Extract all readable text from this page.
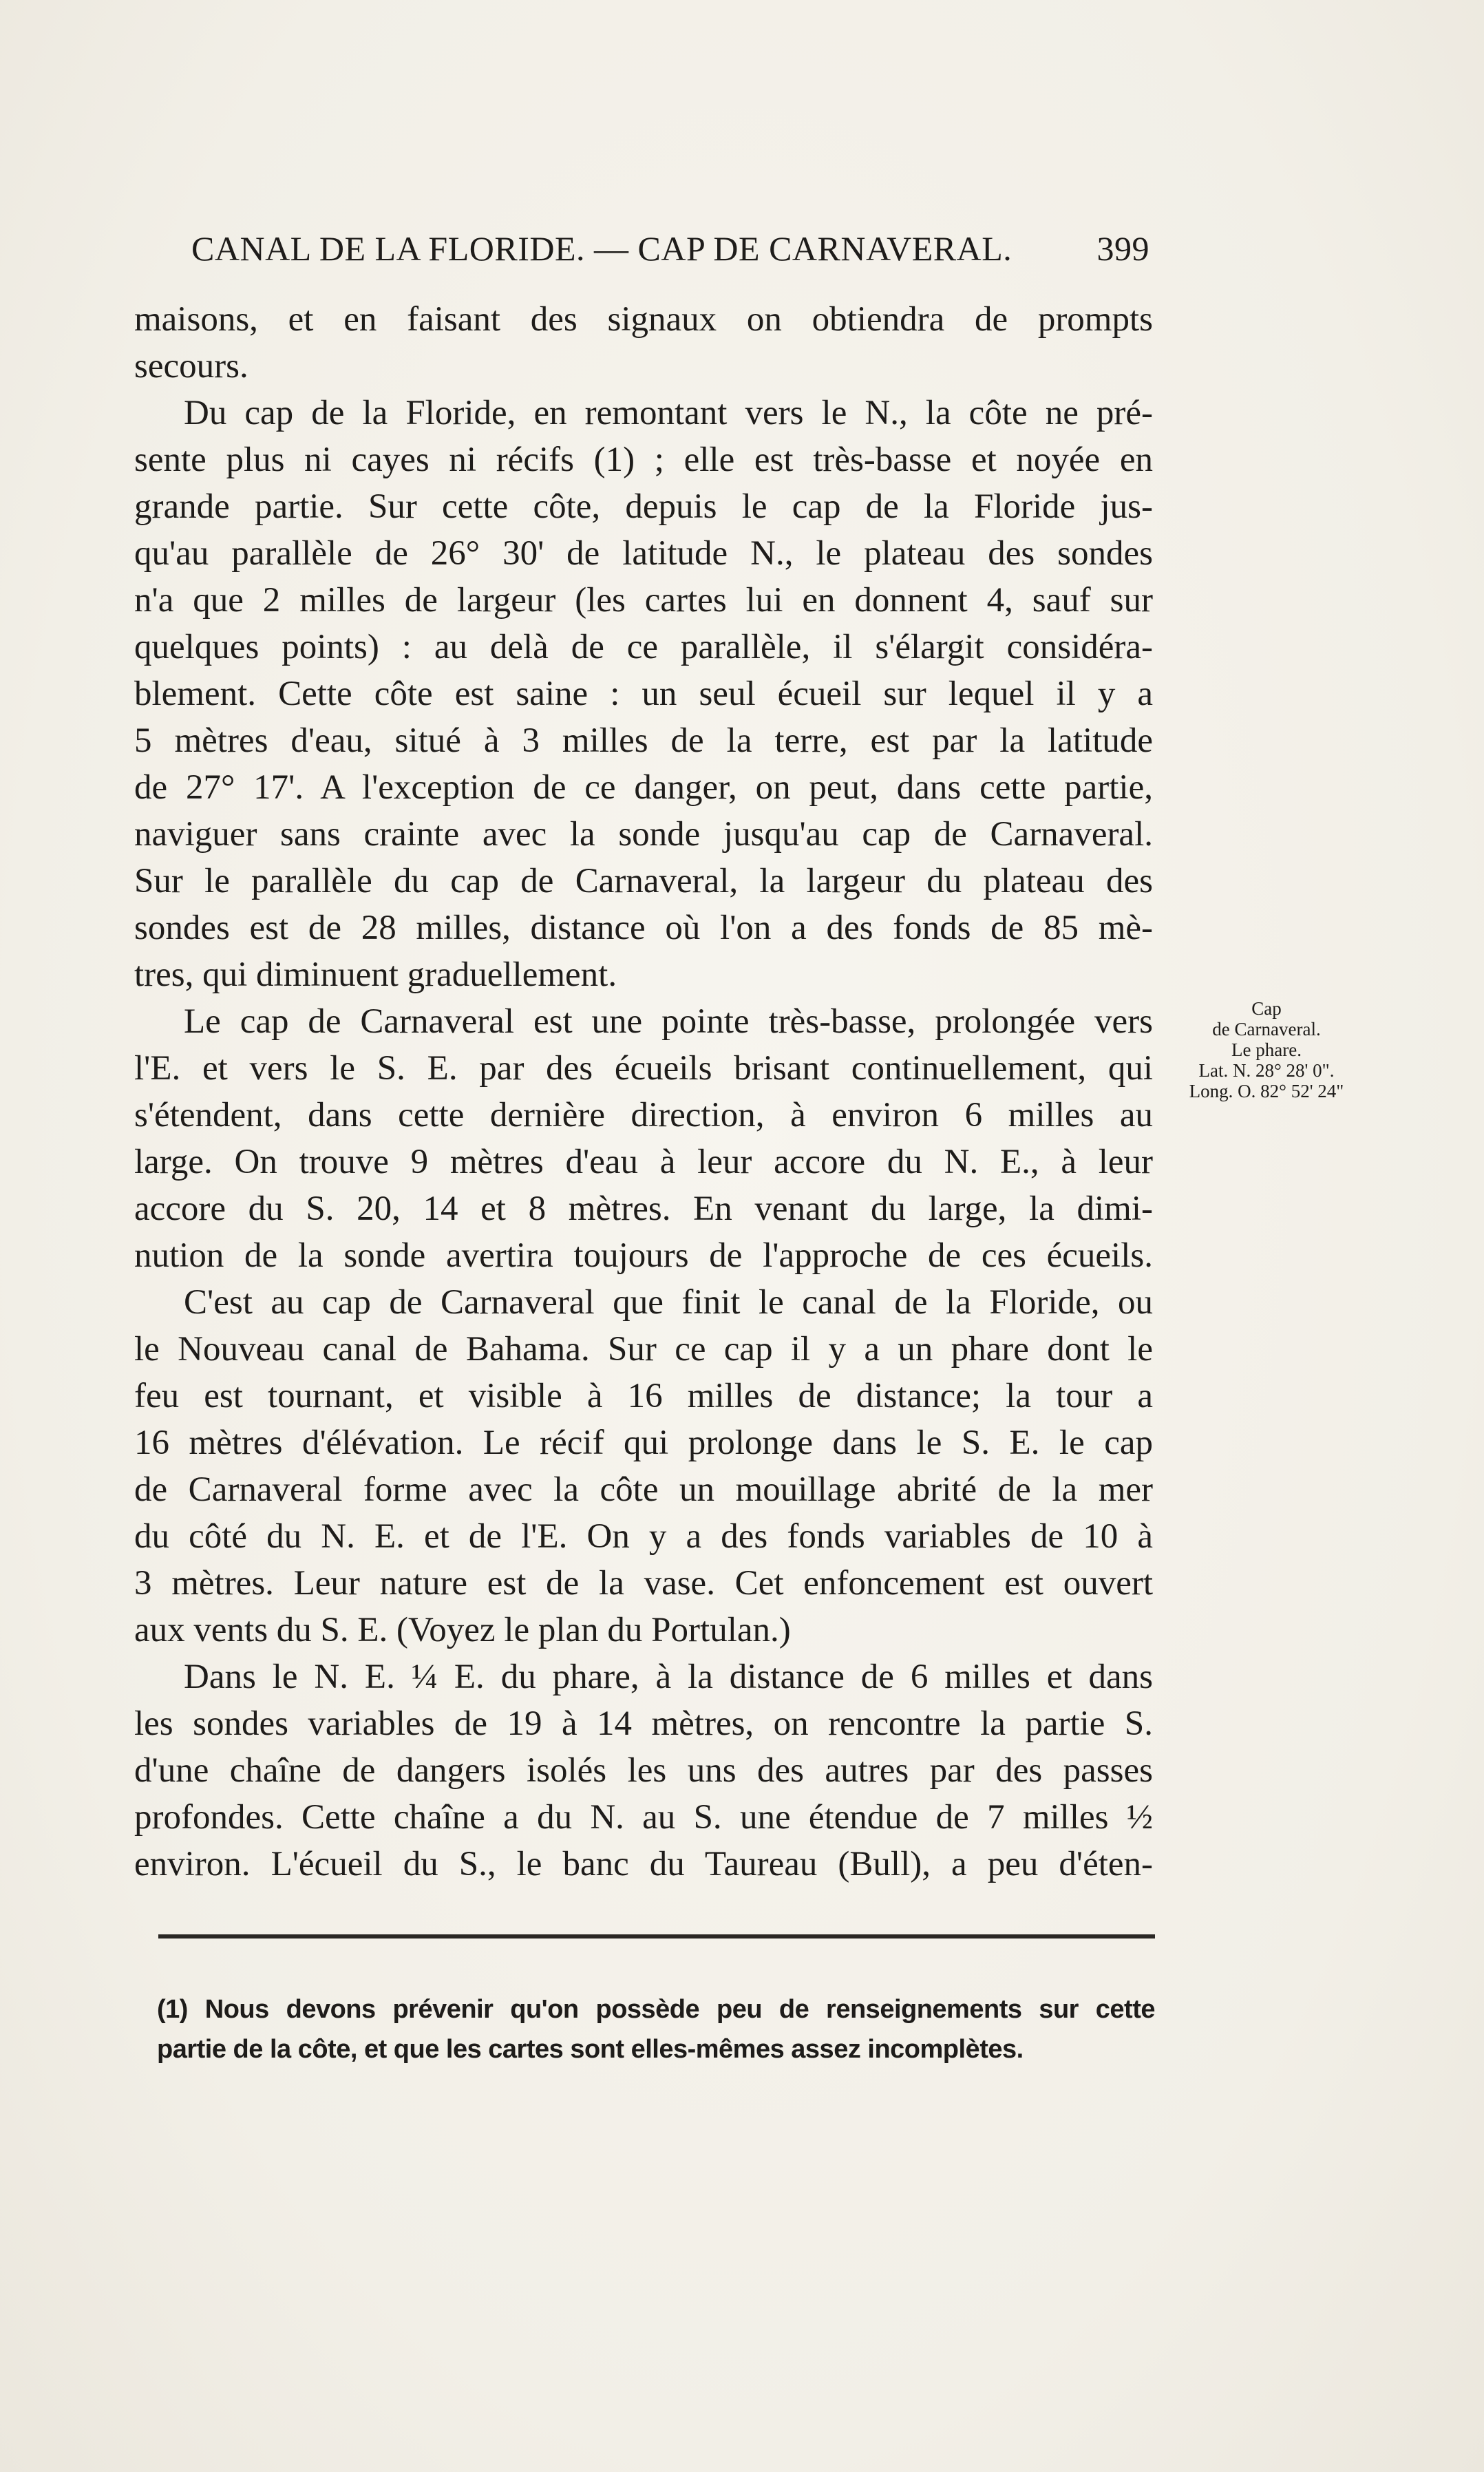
CANAL DE LA FLORIDE. — CAP DE CARNAVERAL. 399
maisons, et en faisant des signaux on obtiendra de prompts
secours.
Du cap de la Floride, en remontant vers le N., la côte ne pré-
sente plus ni cayes ni récifs (1) ; elle est très-basse et noyée en
grande partie. Sur cette côte, depuis le cap de la Floride jus-
qu'au parallèle de 26° 30' de latitude N., le plateau des sondes
n'a que 2 milles de largeur (les cartes lui en donnent 4, sauf sur
quelques points) : au delà de ce parallèle, il s'élargit considéra-
blement. Cette côte est saine : un seul écueil sur lequel il y a
5 mètres d'eau, situé à 3 milles de la terre, est par la latitude
de 27° 17'. A l'exception de ce danger, on peut, dans cette partie,
naviguer sans crainte avec la sonde jusqu'au cap de Carnaveral.
Sur le parallèle du cap de Carnaveral, la largeur du plateau des
sondes est de 28 milles, distance où l'on a des fonds de 85 mè-
tres, qui diminuent graduellement.
Le cap de Carnaveral est une pointe très-basse, prolongée vers
l'E. et vers le S. E. par des écueils brisant continuellement, qui
s'étendent, dans cette dernière direction, à environ 6 milles au
large. On trouve 9 mètres d'eau à leur accore du N. E., à leur
accore du S. 20, 14 et 8 mètres. En venant du large, la dimi-
nution de la sonde avertira toujours de l'approche de ces écueils.
C'est au cap de Carnaveral que finit le canal de la Floride, ou
le Nouveau canal de Bahama. Sur ce cap il y a un phare dont le
feu est tournant, et visible à 16 milles de distance; la tour a
16 mètres d'élévation. Le récif qui prolonge dans le S. E. le cap
de Carnaveral forme avec la côte un mouillage abrité de la mer
du côté du N. E. et de l'E. On y a des fonds variables de 10 à
3 mètres. Leur nature est de la vase. Cet enfoncement est ouvert
aux vents du S. E. (Voyez le plan du Portulan.)
Dans le N. E. ¼ E. du phare, à la distance de 6 milles et dans
les sondes variables de 19 à 14 mètres, on rencontre la partie S.
d'une chaîne de dangers isolés les uns des autres par des passes
profondes. Cette chaîne a du N. au S. une étendue de 7 milles ½
environ. L'écueil du S., le banc du Taureau (Bull), a peu d'éten-
Cap
de Carnaveral.
Le phare.
Lat. N. 28° 28' 0".
Long. O. 82° 52' 24"
(1) Nous devons prévenir qu'on possède peu de renseignements sur cette
partie de la côte, et que les cartes sont elles-mêmes assez incomplètes.
